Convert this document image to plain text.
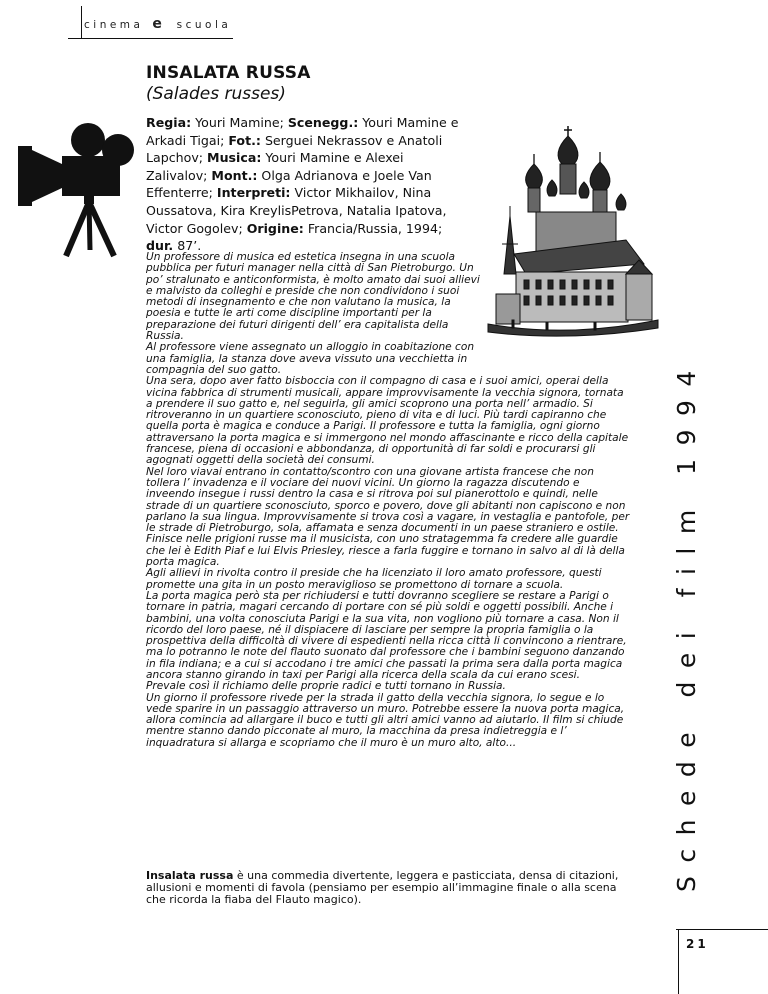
cinema e scuola
INSALATA RUSSA
(Salades russes)
Regia: Youri Mamine; Scenegg.: Youri Mamine e Arkadi Tigai; Fot.: Serguei Nekrassov e Anatoli Lapchov; Musica: Youri Mamine e Alexei Zalivalov; Mont.: Olga Adrianova e Joele Van Effenterre; Interpreti: Victor Mikhailov, Nina Oussatova, Kira KreylisPetrova, Natalia Ipatova, Victor Gogolev; Origine: Francia/Russia, 1994; dur. 87’.

Un professore di musica ed estetica insegna in una scuola pubblica per futuri manager nella città di San Pietroburgo. Un po’ stralunato e anticonformista, è molto amato dai suoi allievi e malvisto da colleghi e preside che non condividono i suoi metodi di insegnamento e che non valutano la musica, la poesia e tutte le arti come discipline importanti per la preparazione dei futuri dirigenti dell’ era capitalista della Russia.

Al professore viene assegnato un alloggio in coabitazione con una famiglia, la stanza dove aveva vissuto una vecchietta in compagnia del suo gatto.

Una sera, dopo aver fatto bisboccia con il compagno di casa e i suoi amici, operai della vicina fabbrica di strumenti musicali, appare improvvisamente la vecchia signora, tornata a prendere il suo gatto e, nel seguirla, gli amici scoprono una porta nell’ armadio. Si ritroveranno in un quartiere sconosciuto, pieno di vita e di luci. Più tardi capiranno che quella porta è magica e conduce a Parigi. Il professore e tutta la famiglia, ogni giorno attraversano la porta magica e si immergono nel mondo affascinante e ricco della capitale francese, piena di occasioni e abbondanza, di opportunità di far soldi e procurarsi gli agognati oggetti della società dei consumi.

Nel loro viavai entrano in contatto/scontro con una giovane artista francese che non tollera l’ invadenza e il vociare dei nuovi vicini. Un giorno la ragazza discutendo e inveendo insegue i russi dentro la casa e si ritrova poi sul pianerottolo e quindi, nelle strade di un quartiere sconosciuto, sporco e povero, dove gli abitanti non capiscono e non parlano la sua lingua. Improvvisamente si trova così a vagare, in vestaglia e pantofole, per le strade di Pietroburgo, sola, affamata e senza documenti in un paese straniero e ostile. Finisce nelle prigioni russe ma il musicista, con uno stratagemma fa credere alle guardie che lei è Edith Piaf e lui Elvis Priesley, riesce a farla fuggire e tornano in salvo al di là della porta magica.

Agli allievi in rivolta contro il preside che ha licenziato il loro amato professore, questi promette una gita in un posto meraviglioso se promettono di tornare a scuola.

La porta magica però sta per richiudersi e tutti dovranno scegliere se restare a Parigi o tornare in patria, magari cercando di portare con sé più soldi e oggetti possibili. Anche i bambini, una volta conosciuta Parigi e la sua vita, non vogliono più tornare a casa. Non il ricordo del loro paese, né il dispiacere di lasciare per sempre la propria famiglia o la prospettiva della difficoltà di vivere di espedienti nella ricca città li convincono a rientrare, ma lo potranno le note del flauto suonato dal professore che i bambini seguono danzando in fila indiana; e a cui si accodano i tre amici che passati la prima sera dalla porta magica ancora stanno girando in taxi per Parigi alla ricerca della scala da cui erano scesi.

Prevale così il richiamo delle proprie radici e tutti tornano in Russia.

Un giorno il professore rivede per la strada il gatto della vecchia signora, lo segue e lo vede sparire in un passaggio attraverso un muro. Potrebbe essere la nuova porta magica, allora comincia ad allargare il buco e tutti gli altri amici vanno ad aiutarlo. Il film si chiude mentre stanno dando picconate al muro, la macchina da presa indietreggia e l’ inquadratura si allarga e scopriamo che il muro è un muro alto, alto...

Insalata russa è una commedia divertente, leggera e pasticciata, densa di citazioni, allusioni e momenti di favola (pensiamo per esempio all’immagine finale o alla scena che ricorda la fiaba del Flauto magico).
Schede dei film 1994
21
